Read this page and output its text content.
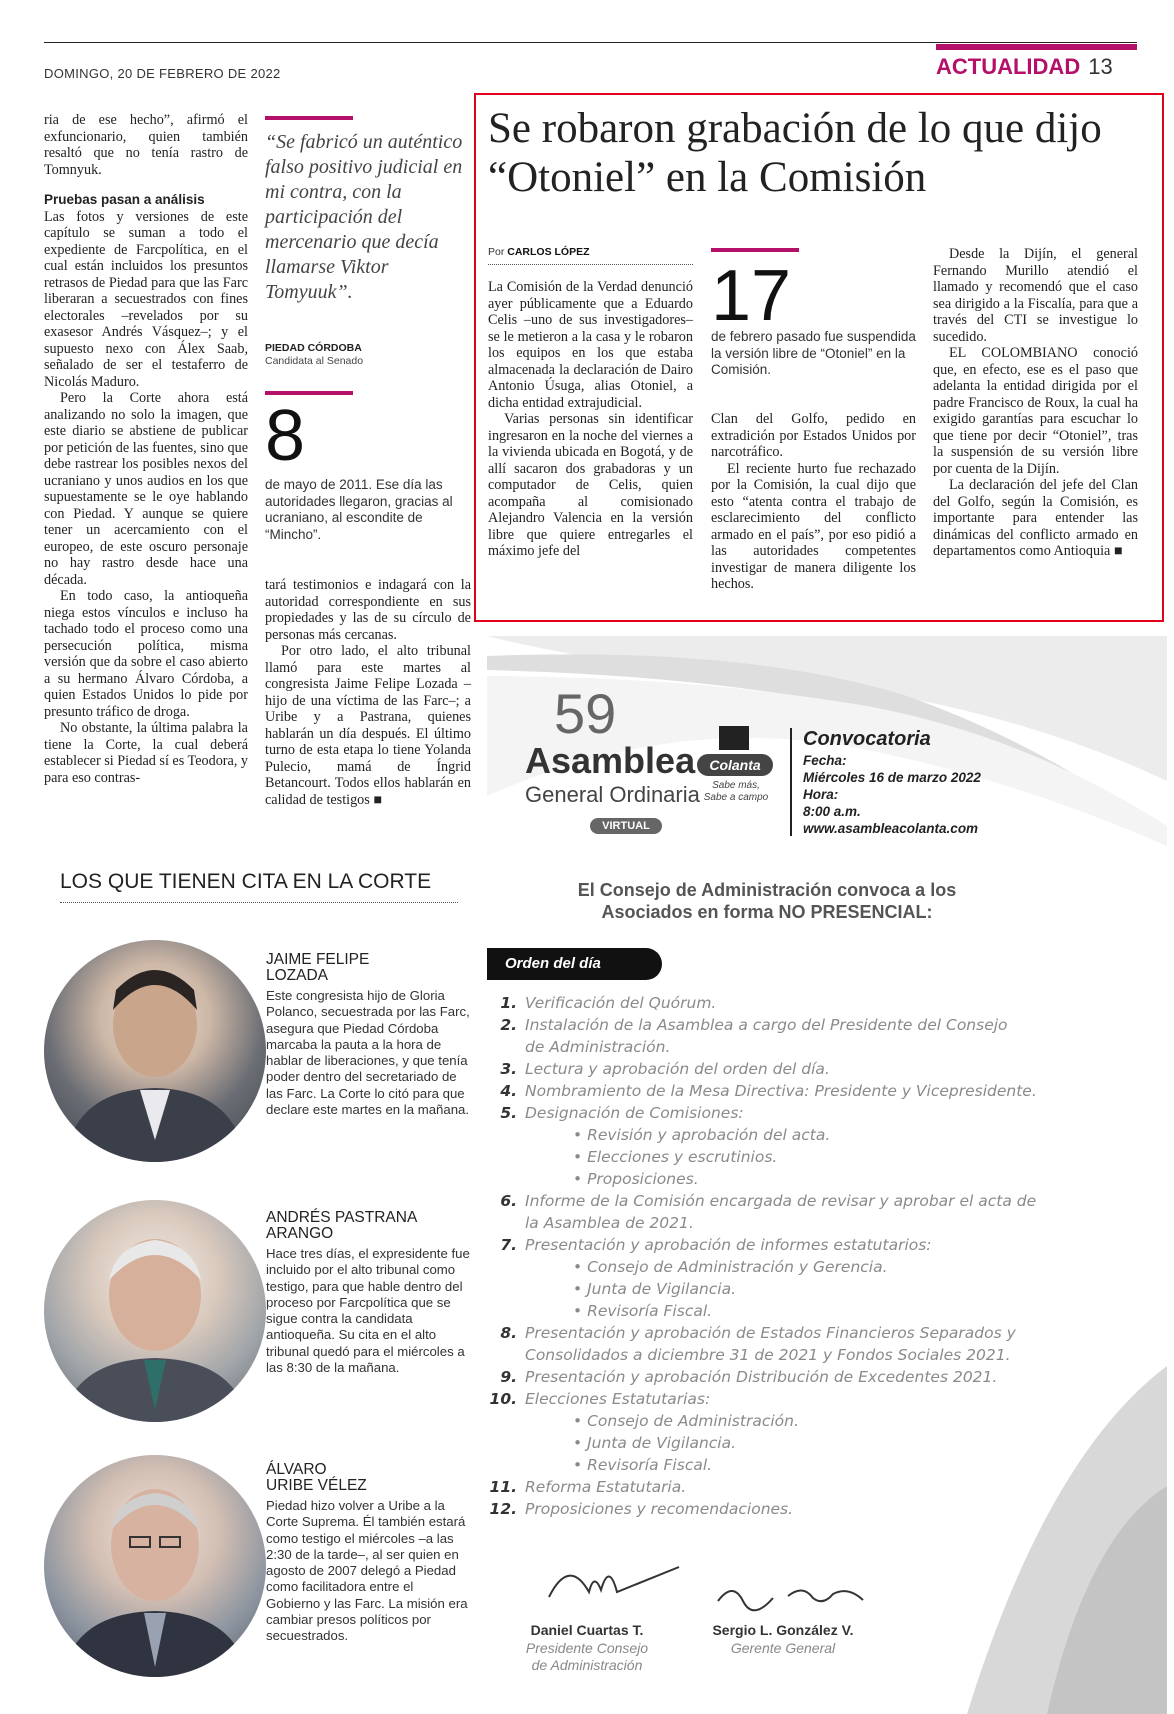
DOMINGO, 20 DE FEBRERO DE 2022	ACTUALIDAD 13

ria de ese hecho”, afirmó el exfuncionario, quien también resaltó que no tenía rastro de Tomnyuk.

Pruebas pasan a análisis

Las fotos y versiones de este capítulo se suman a todo el expediente de Farcpolítica, en el cual están incluidos los presuntos retrasos de Piedad para que las Farc liberaran a secuestrados con fines electorales –revelados por su exasesor Andrés Vásquez–; y el supuesto nexo con Álex Saab, señalado de ser el testaferro de Nicolás Maduro.

Pero la Corte ahora está analizando no solo la imagen, que este diario se abstiene de publicar por petición de las fuentes, sino que debe rastrear los posibles nexos del ucraniano y unos audios en los que supuestamente se le oye hablando con Piedad. Y aunque se quiere tener un acercamiento con el europeo, de este oscuro personaje no hay rastro desde hace una década.

En todo caso, la antioqueña niega estos vínculos e incluso ha tachado todo el proceso como una persecución política, misma versión que da sobre el caso abierto a su hermano Álvaro Córdoba, a quien Estados Unidos lo pide por presunto tráfico de droga.

No obstante, la última palabra la tiene la Corte, la cual deberá establecer si Piedad sí es Teodora, y para eso contras-

“Se fabricó un auténtico falso positivo judicial en mi contra, con la participación del mercenario que decía llamarse Viktor Tomyuuk”.
PIEDAD CÓRDOBA
Candidata al Senado
8
de mayo de 2011. Ese día las autoridades llegaron, gracias al ucraniano, al escondite de “Mincho”.

tará testimonios e indagará con la autoridad correspondiente en sus propiedades y las de su círculo de personas más cercanas.

Por otro lado, el alto tribunal llamó para este martes al congresista Jaime Felipe Lozada –hijo de una víctima de las Farc–; a Uribe y a Pastrana, quienes hablarán un día después. El último turno de esta etapa lo tiene Yolanda Pulecio, mamá de Íngrid Betancourt. Todos ellos hablarán en calidad de testigos ■

Se robaron grabación de lo que dijo “Otoniel” en la Comisión
Por CARLOS LÓPEZ

La Comisión de la Verdad denunció ayer públicamente que a Eduardo Celis –uno de sus investigadores– se le metieron a la casa y le robaron los equipos en los que estaba almacenada la declaración de Dairo Antonio Úsuga, alias Otoniel, a dicha entidad extrajudicial.

Varias personas sin identificar ingresaron en la noche del viernes a la vivienda ubicada en Bogotá, y de allí sacaron dos grabadoras y un computador de Celis, quien acompaña al comisionado Alejandro Valencia en la versión libre que quiere entregarles el máximo jefe del

17
de febrero pasado fue suspendida la versión libre de “Otoniel” en la Comisión.

Clan del Golfo, pedido en extradición por Estados Unidos por narcotráfico.

El reciente hurto fue rechazado por la Comisión, la cual dijo que esto “atenta contra el trabajo de esclarecimiento del conflicto armado en el país”, por eso pidió a las autoridades competentes investigar de manera diligente los hechos.

Desde la Dijín, el general Fernando Murillo atendió el llamado y recomendó que el caso sea dirigido a la Fiscalía, para que a través del CTI se investigue lo sucedido.

EL COLOMBIANO conoció que, en efecto, ese es el paso que adelanta la entidad dirigida por el padre Francisco de Roux, la cual ha exigido garantías para escuchar lo que tiene por decir “Otoniel”, tras la suspensión de su versión libre por cuenta de la Dijín.

La declaración del jefe del Clan del Golfo, según la Comisión, es importante para entender las dinámicas del conflicto armado en departamentos como Antioquia ■

LOS QUE TIENEN CITA EN LA CORTE
JAIME FELIPE
LOZADA
Este congresista hijo de Gloria Polanco, secuestrada por las Farc, asegura que Piedad Córdoba marcaba la pauta a la hora de hablar de liberaciones, y que tenía poder dentro del secretariado de las Farc. La Corte lo citó para que declare este martes en la mañana.
ANDRÉS PASTRANA
ARANGO
Hace tres días, el expresidente fue incluido por el alto tribunal como testigo, para que hable dentro del proceso por Farcpolítica que se sigue contra la candidata antioqueña. Su cita en el alto tribunal quedó para el miércoles a las 8:30 de la mañana.
ÁLVARO
URIBE VÉLEZ
Piedad hizo volver a Uribe a la Corte Suprema. Él también estará como testigo el miércoles –a las 2:30 de la tarde–, al ser quien en agosto de 2007 delegó a Piedad como facilitadora entre el Gobierno y las Farc. La misión era cambiar presos políticos por secuestrados.
59
Asamblea
General Ordinaria
VIRTUAL
Colanta
Sabe más,
Sabe a campo
Convocatoria
Fecha:
Miércoles 16 de marzo 2022
Hora:
8:00 a.m.
www.asambleacolanta.com
El Consejo de Administración convoca a los
Asociados en forma NO PRESENCIAL:
Orden del día
1. Verificación del Quórum.
2. Instalación de la Asamblea a cargo del Presidente del Consejo
de Administración.
3. Lectura y aprobación del orden del día.
4. Nombramiento de la Mesa Directiva: Presidente y Vicepresidente.
5. Designación de Comisiones:
• Revisión y aprobación del acta.
• Elecciones y escrutinios.
• Proposiciones.
6. Informe de la Comisión encargada de revisar y aprobar el acta de
la Asamblea de 2021.
7. Presentación y aprobación de informes estatutarios:
• Consejo de Administración y Gerencia.
• Junta de Vigilancia.
• Revisoría Fiscal.
8. Presentación y aprobación de Estados Financieros Separados y
Consolidados a diciembre 31 de 2021 y Fondos Sociales 2021.
9. Presentación y aprobación Distribución de Excedentes 2021.
10. Elecciones Estatutarias:
• Consejo de Administración.
• Junta de Vigilancia.
• Revisoría Fiscal.
11. Reforma Estatutaria.
12. Proposiciones y recomendaciones.
Daniel Cuartas T.
Presidente Consejo
de Administración
Sergio L. González V.
Gerente General
